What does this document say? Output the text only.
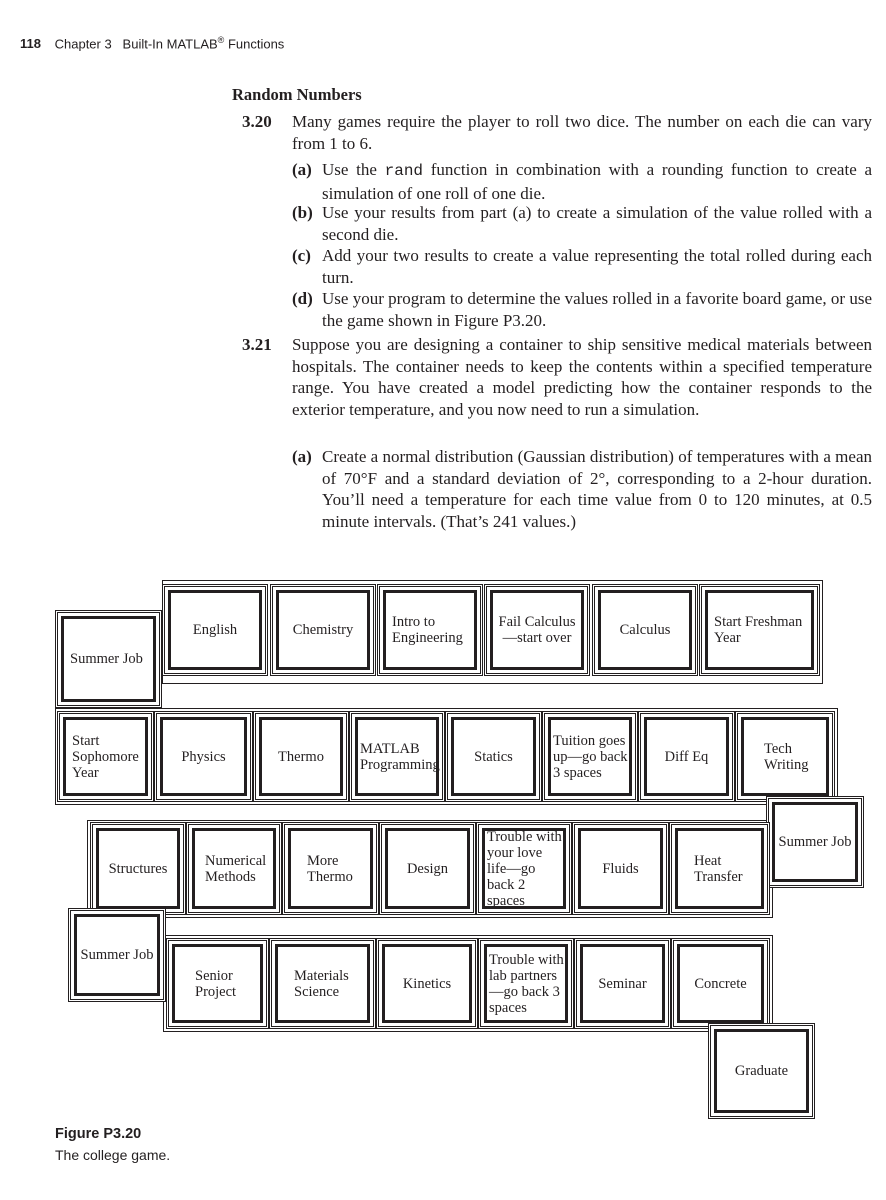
118 Chapter 3 Built-In MATLAB® Functions
Random Numbers
3.20 Many games require the player to roll two dice. The number on each die can vary from 1 to 6.
(a) Use the rand function in combination with a rounding function to create a simulation of one roll of one die.
(b) Use your results from part (a) to create a simulation of the value rolled with a second die.
(c) Add your two results to create a value representing the total rolled during each turn.
(d) Use your program to determine the values rolled in a favorite board game, or use the game shown in Figure P3.20.
3.21 Suppose you are designing a container to ship sensitive medical materials between hospitals. The container needs to keep the contents within a specified temperature range. You have created a model predicting how the container responds to the exterior temperature, and you now need to run a simulation.
(a) Create a normal distribution (Gaussian distribution) of temperatures with a mean of 70°F and a standard deviation of 2°, corresponding to a 2-hour duration. You’ll need a temperature for each time value from 0 to 120 minutes, at 0.5 minute intervals. (That’s 241 values.)
Summer Job
English	Chemistry	Intro to Engineering
Fail Calculus —start over	Calculus	Start Freshman Year
Start Sophomore Year
Physics	Thermo	MATLAB Programming	Statics
Tuition goes up—go back 3 spaces
Diff Eq	Tech Writing
Summer Job
Structures	Numerical Methods
More Thermo	Design
Trouble with your love life—go back 2 spaces
Fluids	Heat Transfer
Summer Job
Senior Project
Materials Science	Kinetics
Trouble with lab partners—go back 3 spaces
Seminar	Concrete
Graduate
Figure P3.20
The college game.
